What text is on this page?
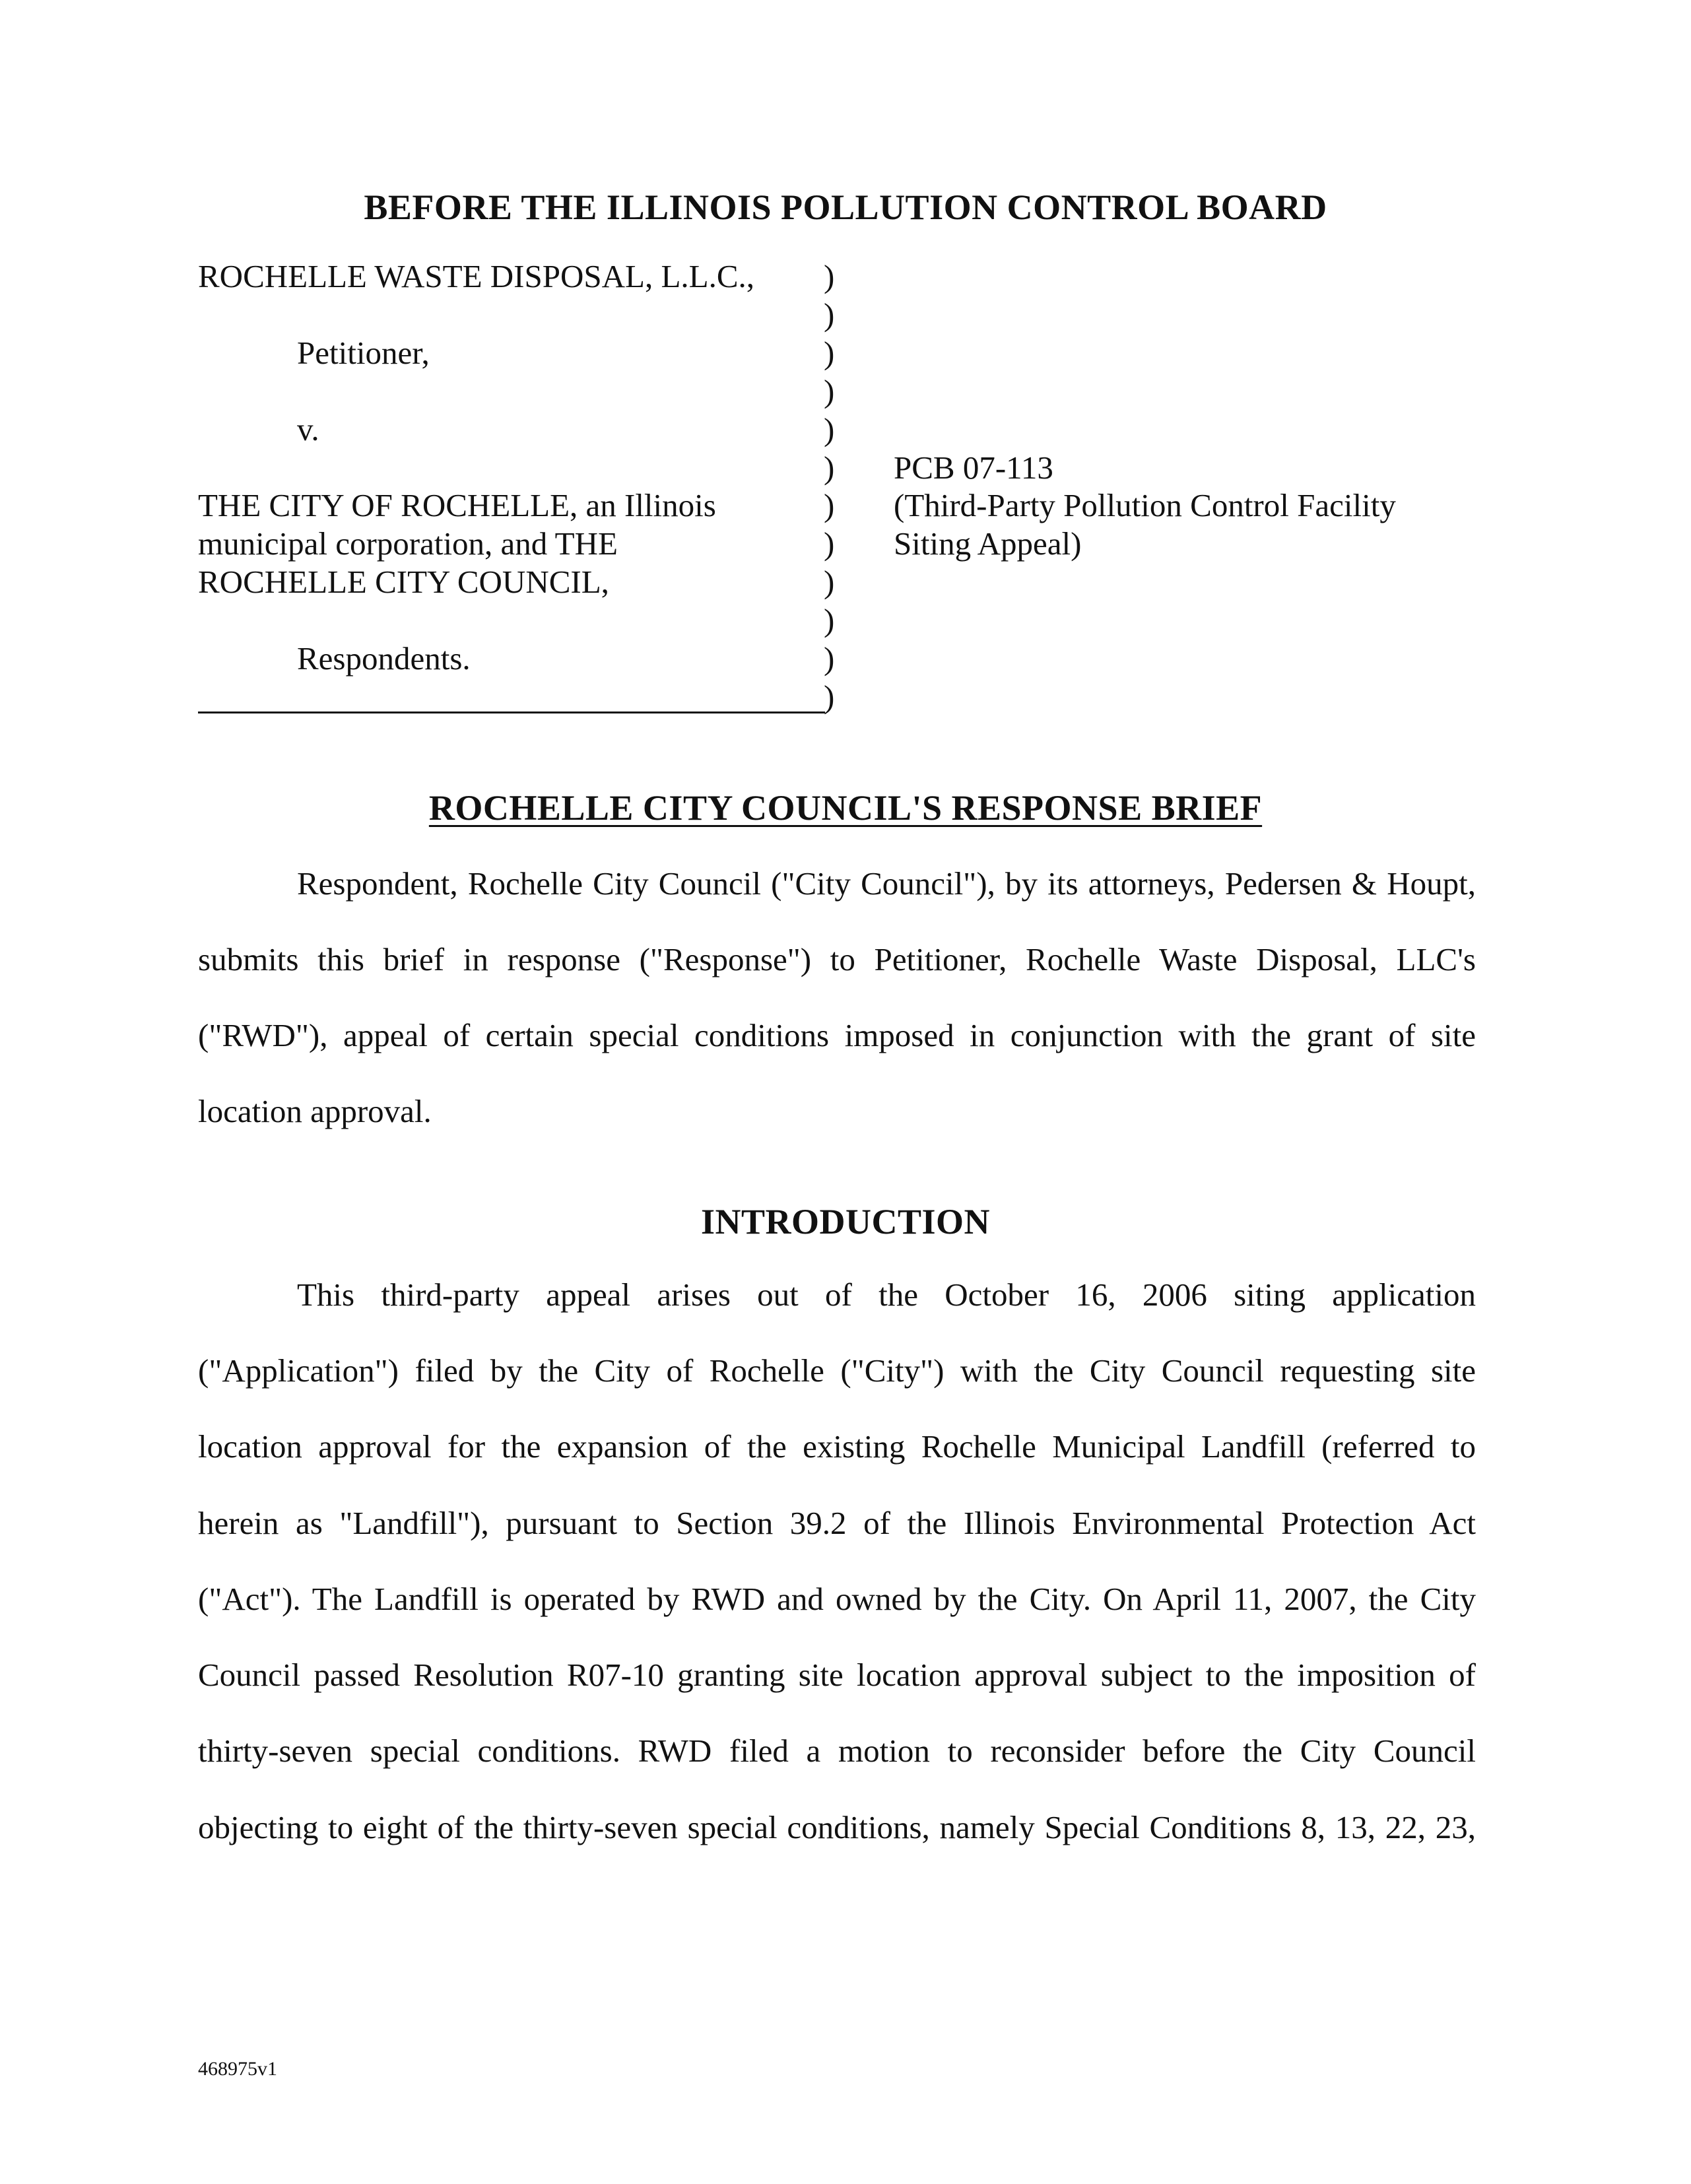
BEFORE THE ILLINOIS POLLUTION CONTROL BOARD
ROCHELLE WASTE DISPOSAL, L.L.C.,
Petitioner,
v.
THE CITY OF ROCHELLE, an Illinois
municipal corporation, and THE
ROCHELLE CITY COUNCIL,
Respondents.
)
)
)
)
)
)
)
)
)
)
)
)
PCB 07-113
(Third-Party Pollution Control Facility
Siting Appeal)
ROCHELLE CITY COUNCIL'S RESPONSE BRIEF
Respondent, Rochelle City Council ("City Council"), by its attorneys, Pedersen & Houpt,
submits this brief in response ("Response") to Petitioner, Rochelle Waste Disposal, LLC's
("RWD"), appeal of certain special conditions imposed in conjunction with the grant of site
location approval.
INTRODUCTION
This third-party appeal arises out of the October 16, 2006 siting application
("Application") filed by the City of Rochelle ("City") with the City Council requesting site
location approval for the expansion of the existing Rochelle Municipal Landfill (referred to
herein as "Landfill"), pursuant to Section 39.2 of the Illinois Environmental Protection Act
("Act"). The Landfill is operated by RWD and owned by the City. On April 11, 2007, the City
Council passed Resolution R07-10 granting site location approval subject to the imposition of
thirty-seven special conditions. RWD filed a motion to reconsider before the City Council
objecting to eight of the thirty-seven special conditions, namely Special Conditions 8, 13, 22, 23,
468975v1
